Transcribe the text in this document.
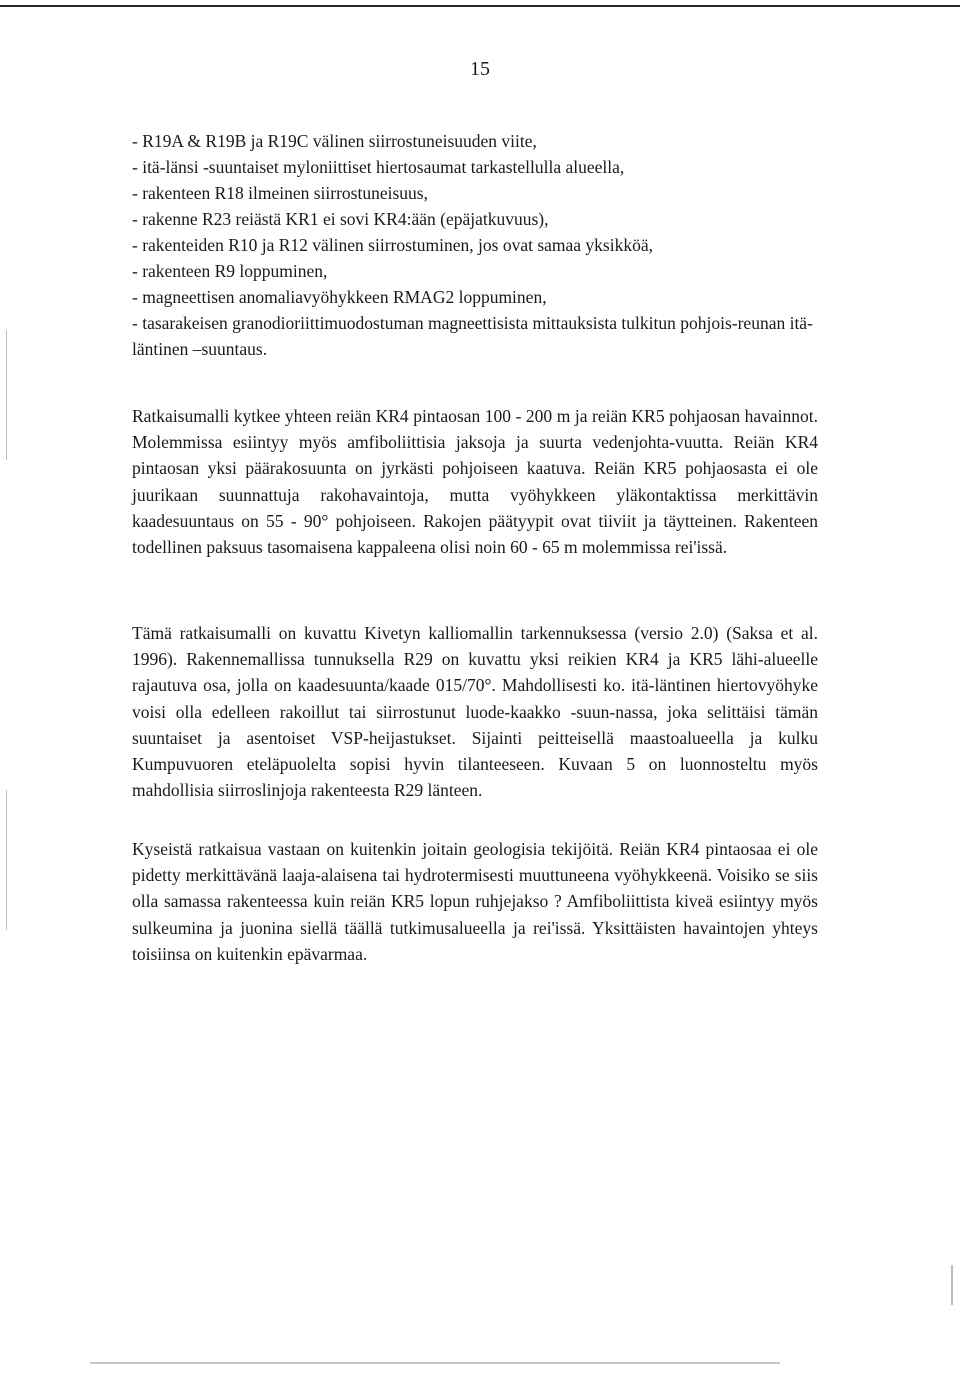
15
- R19A & R19B ja R19C välinen siirrostuneisuuden viite,
- itä-länsi -suuntaiset myloniittiset hiertosaumat tarkastellulla alueella,
- rakenteen R18 ilmeinen siirrostuneisuus,
- rakenne R23 reiästä KR1 ei sovi KR4:ään (epäjatkuvuus),
- rakenteiden R10 ja R12 välinen siirrostuminen, jos ovat samaa yksikköä,
- rakenteen R9 loppuminen,
- magneettisen anomaliavyöhykkeen RMAG2 loppuminen,
- tasarakeisen granodioriittimuodostuman magneettisista mittauksista tulkitun pohjois-reunan itä-läntinen –suuntaus.

Ratkaisumalli kytkee yhteen reiän KR4 pintaosan 100 - 200 m ja reiän KR5 pohjaosan havainnot. Molemmissa esiintyy myös amfiboliittisia jaksoja ja suurta vedenjohta-vuutta. Reiän KR4 pintaosan yksi päärakosuunta on jyrkästi pohjoiseen kaatuva. Reiän KR5 pohjaosasta ei ole juurikaan suunnattuja rakohavaintoja, mutta vyöhykkeen yläkontaktissa merkittävin kaadesuuntaus on 55 - 90° pohjoiseen. Rakojen päätyypit ovat tiiviit ja täytteinen. Rakenteen todellinen paksuus tasomaisena kappaleena olisi noin 60 - 65 m molemmissa rei'issä.

Tämä ratkaisumalli on kuvattu Kivetyn kalliomallin tarkennuksessa (versio 2.0) (Saksa et al. 1996). Rakennemallissa tunnuksella R29 on kuvattu yksi reikien KR4 ja KR5 lähi-alueelle rajautuva osa, jolla on kaadesuunta/kaade 015/70°. Mahdollisesti ko. itä-läntinen hiertovyöhyke voisi olla edelleen rakoillut tai siirrostunut luode-kaakko -suun-nassa, joka selittäisi tämän suuntaiset ja asentoiset VSP-heijastukset. Sijainti peitteisellä maastoalueella ja kulku Kumpuvuoren eteläpuolelta sopisi hyvin tilanteeseen. Kuvaan 5 on luonnosteltu myös mahdollisia siirroslinjoja rakenteesta R29 länteen.

Kyseistä ratkaisua vastaan on kuitenkin joitain geologisia tekijöitä. Reiän KR4 pintaosaa ei ole pidetty merkittävänä laaja-alaisena tai hydrotermisesti muuttuneena vyöhykkeenä. Voisiko se siis olla samassa rakenteessa kuin reiän KR5 lopun ruhjejakso ? Amfiboliittista kiveä esiintyy myös sulkeumina ja juonina siellä täällä tutkimusalueella ja rei'issä. Yksittäisten havaintojen yhteys toisiinsa on kuitenkin epävarmaa.
